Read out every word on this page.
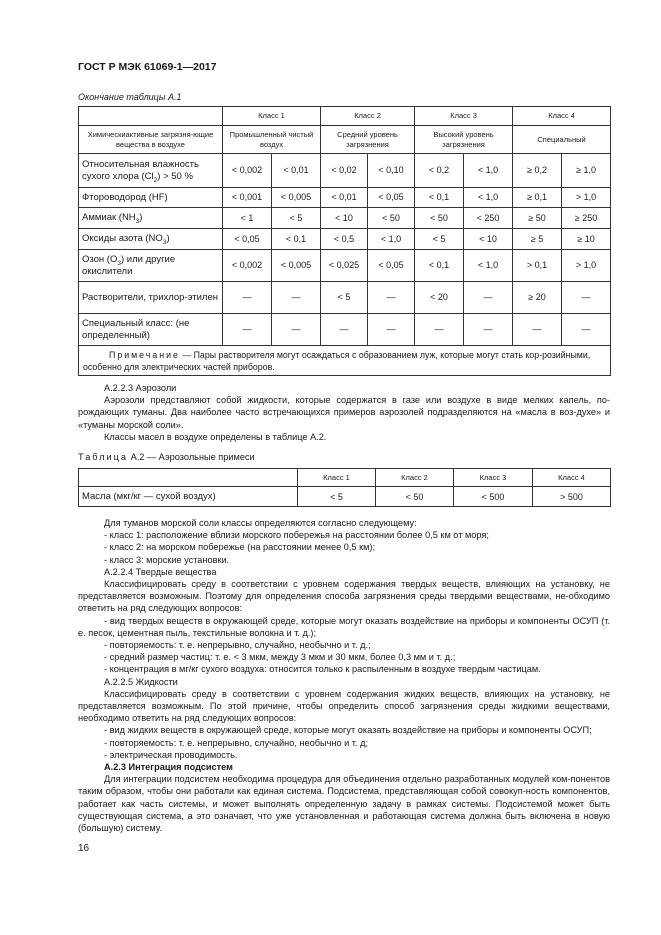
ГОСТ Р МЭК 61069-1—2017
Окончание таблицы А.1
	Класс 1		Класс 2		Класс 3		Класс 4	
Химическиактивные загрязня-ющие вещества в воздухе	Промышленный чистый воздух		Средний уровень загрязнения		Высокий уровень загрязнения		Специальный	
Относительная влажность сухого хлора $(Cl_2) > 50$ %	< 0,002	< 0,01	< 0,02	< 0,10	< 0,2	< 1,0	≥ 0,2	≥ 1,0
Фтороводород (HF)	< 0,001	< 0,005	< 0,01	< 0,05	< 0,1	< 1,0	≥ 0,1	> 1,0
Аммиак $(NH_3)$	< 1	< 5	< 10	< 50	< 50	< 250	≥ 50	≥ 250
Оксиды азота $(NO_3)$	< 0,05	< 0,1	< 0,5	< 1,0	< 5	< 10	≥ 5	≥ 10
Озон $(O_3)$ или другие окислители	< 0,002	< 0,005	< 0,025	< 0,05	< 0,1	< 1,0	> 0,1	> 1,0
Растворители, трихлор-этилен	—	—	< 5	—	< 20	—	≥ 20	—
Специальный класс: (не определенный)	—	—	—	—	—	—	—	—
Примечание — Пары растворителя могут осаждаться с образованием луж, которые могут стать кор-розийными, особенно для электрических частей приборов.								

А.2.2.3 Аэрозоли

Аэрозоли представляют собой жидкости, которые содержатся в газе или воздухе в виде мелких капель, по-рождающих туманы. Два наиболее часто встречающихся примеров аэрозолей подразделяются на «масла в воз-духе» и «туманы морской соли».

Классы масел в воздухе определены в таблице А.2.

Таблица А.2 — Аэрозольные примеси
	Класс 1	Класс 2	Класс 3	Класс 4
Масла (мкг/кг — сухой воздух)	< 5	< 50	< 500	> 500

Для туманов морской соли классы определяются согласно следующему:

- класс 1: расположение вблизи морского побережья на расстоянии более 0,5 км от моря;

- класс 2: на морском побережье (на расстоянии менее 0,5 км);

- класс 3: морские установки.

А.2.2.4 Твердые вещества

Классифицировать среду в соответствии с уровнем содержания твердых веществ, влияющих на установку, не представляется возможным. Поэтому для определения способа загрязнения среды твердыми веществами, не-обходимо ответить на ряд следующих вопросов:

- вид твердых веществ в окружающей среде, которые могут оказать воздействие на приборы и компоненты ОСУП (т. е. песок, цементная пыль, текстильные волокна и т. д.);

- повторяемость: т. е. непрерывно, случайно, необычно и т. д.;

- средний размер частиц: т. е. < 3 мкм, между 3 мкм и 30 мкм, более 0,3 мм и т. д.;

- концентрация в мг/кг сухого воздуха: относится только к распыленным в воздухе твердым частицам.

А.2.2.5 Жидкости

Классифицировать среду в соответствии с уровнем содержания жидких веществ, влияющих на установку, не представляется возможным. По этой причине, чтобы определить способ загрязнения среды жидкими веществами, необходимо ответить на ряд следующих вопросов:

- вид жидких веществ в окружающей среде, которые могут оказать воздействие на приборы и компоненты ОСУП;

- повторяемость: т. е. непрерывно, случайно, необычно и т. д;

- электрическая проводимость.

А.2.3 Интеграция подсистем

Для интеграции подсистем необходима процедура для объединения отдельно разработанных модулей ком-понентов таким образом, чтобы они работали как единая система. Подсистема, представляющая собой совокуп-ность компонентов, работает как часть системы, и может выполнять определенную задачу в рамках системы. Подсистемой может быть существующая система, а это означает, что уже установленная и работающая система должна быть включена в новую (большую) систему.

16
